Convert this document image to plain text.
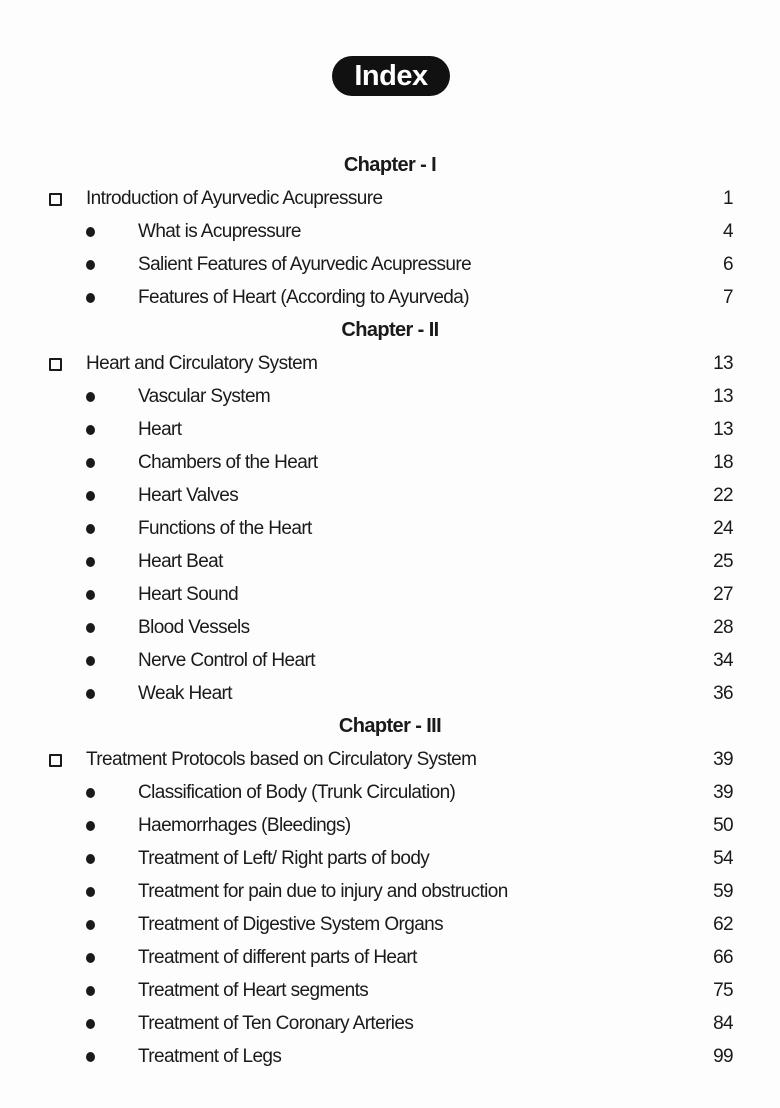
Index
Chapter - I
Introduction of Ayurvedic Acupressure	1
What is Acupressure	4
Salient Features of Ayurvedic Acupressure	6
Features of Heart (According to Ayurveda)	7
Chapter - II
Heart and Circulatory System	13
Vascular System	13
Heart	13
Chambers of the Heart	18
Heart Valves	22
Functions of the Heart	24
Heart Beat	25
Heart Sound	27
Blood Vessels	28
Nerve Control of Heart	34
Weak Heart	36
Chapter - III
Treatment Protocols based on Circulatory System	39
Classification of Body (Trunk Circulation)	39
Haemorrhages (Bleedings)	50
Treatment of Left/ Right parts of body	54
Treatment for pain due to injury and obstruction	59
Treatment of Digestive System Organs	62
Treatment of different parts of Heart	66
Treatment of Heart segments	75
Treatment of Ten Coronary Arteries	84
Treatment of Legs	99
